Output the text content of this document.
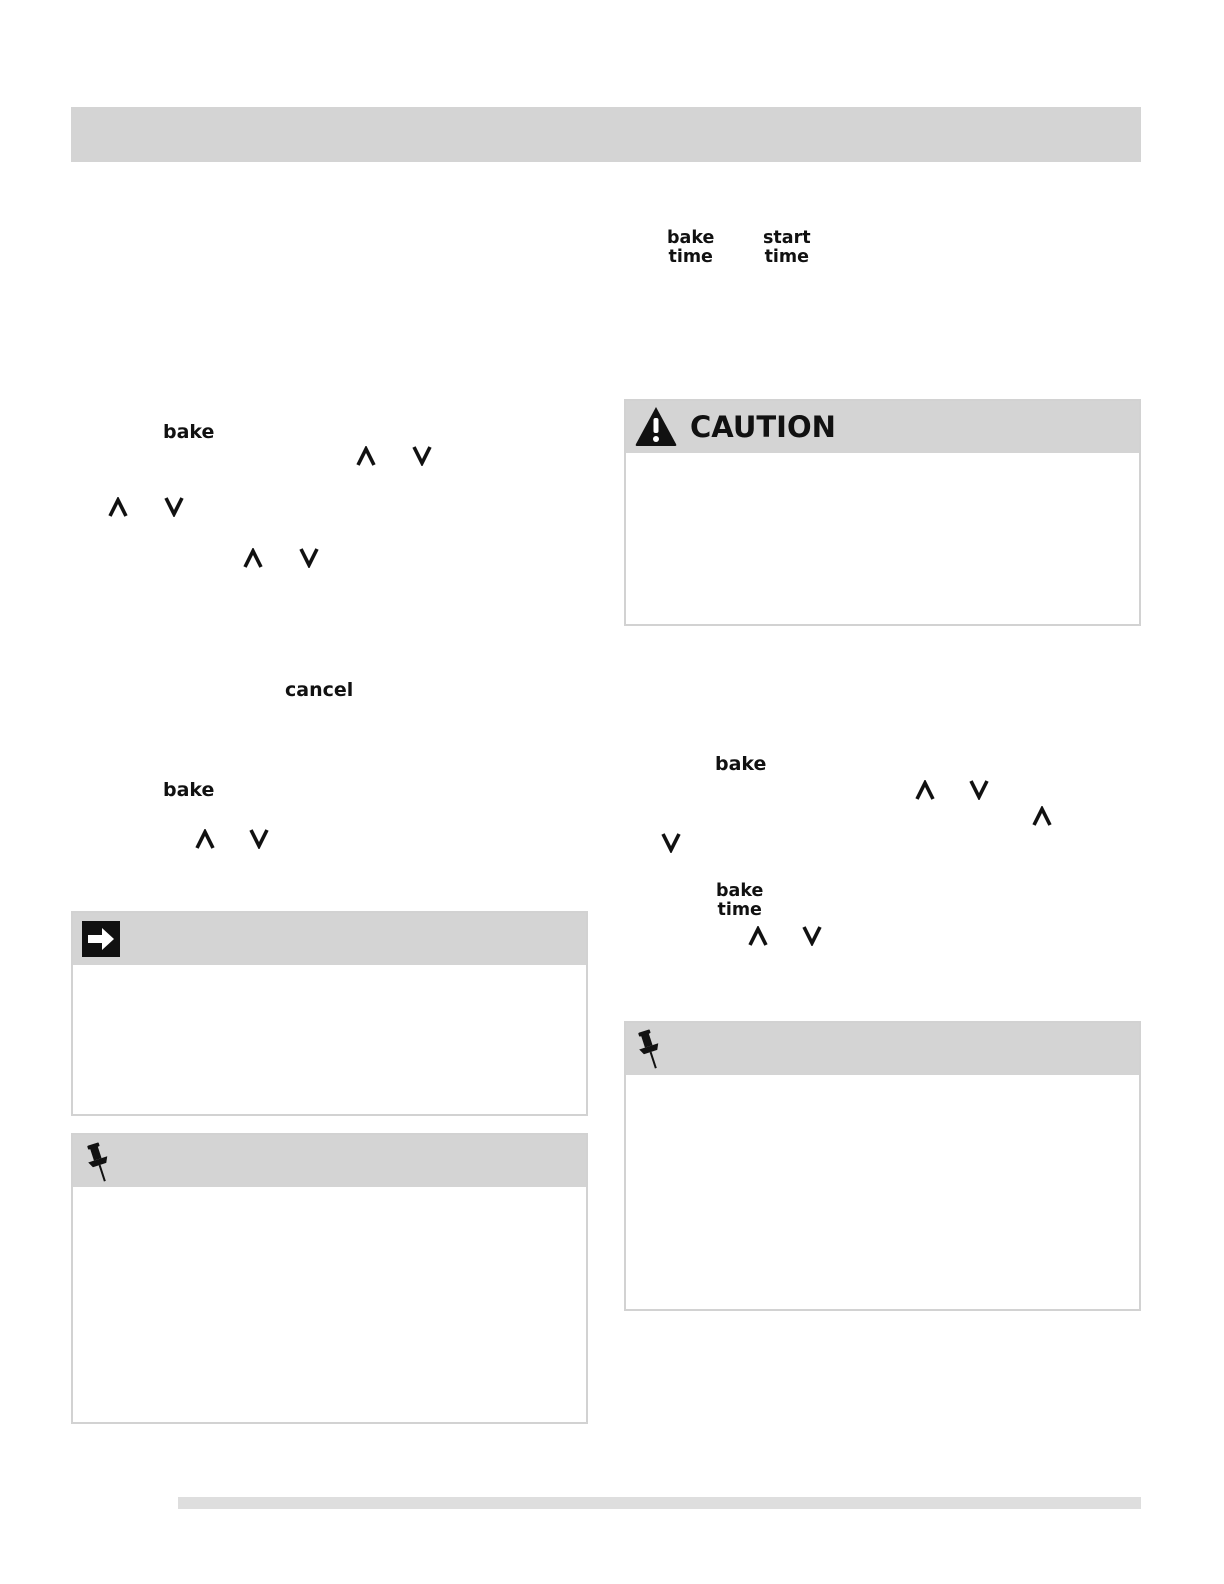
bake
cancel
bake
bake
time
start
time
CAUTION
bake
bake
time
